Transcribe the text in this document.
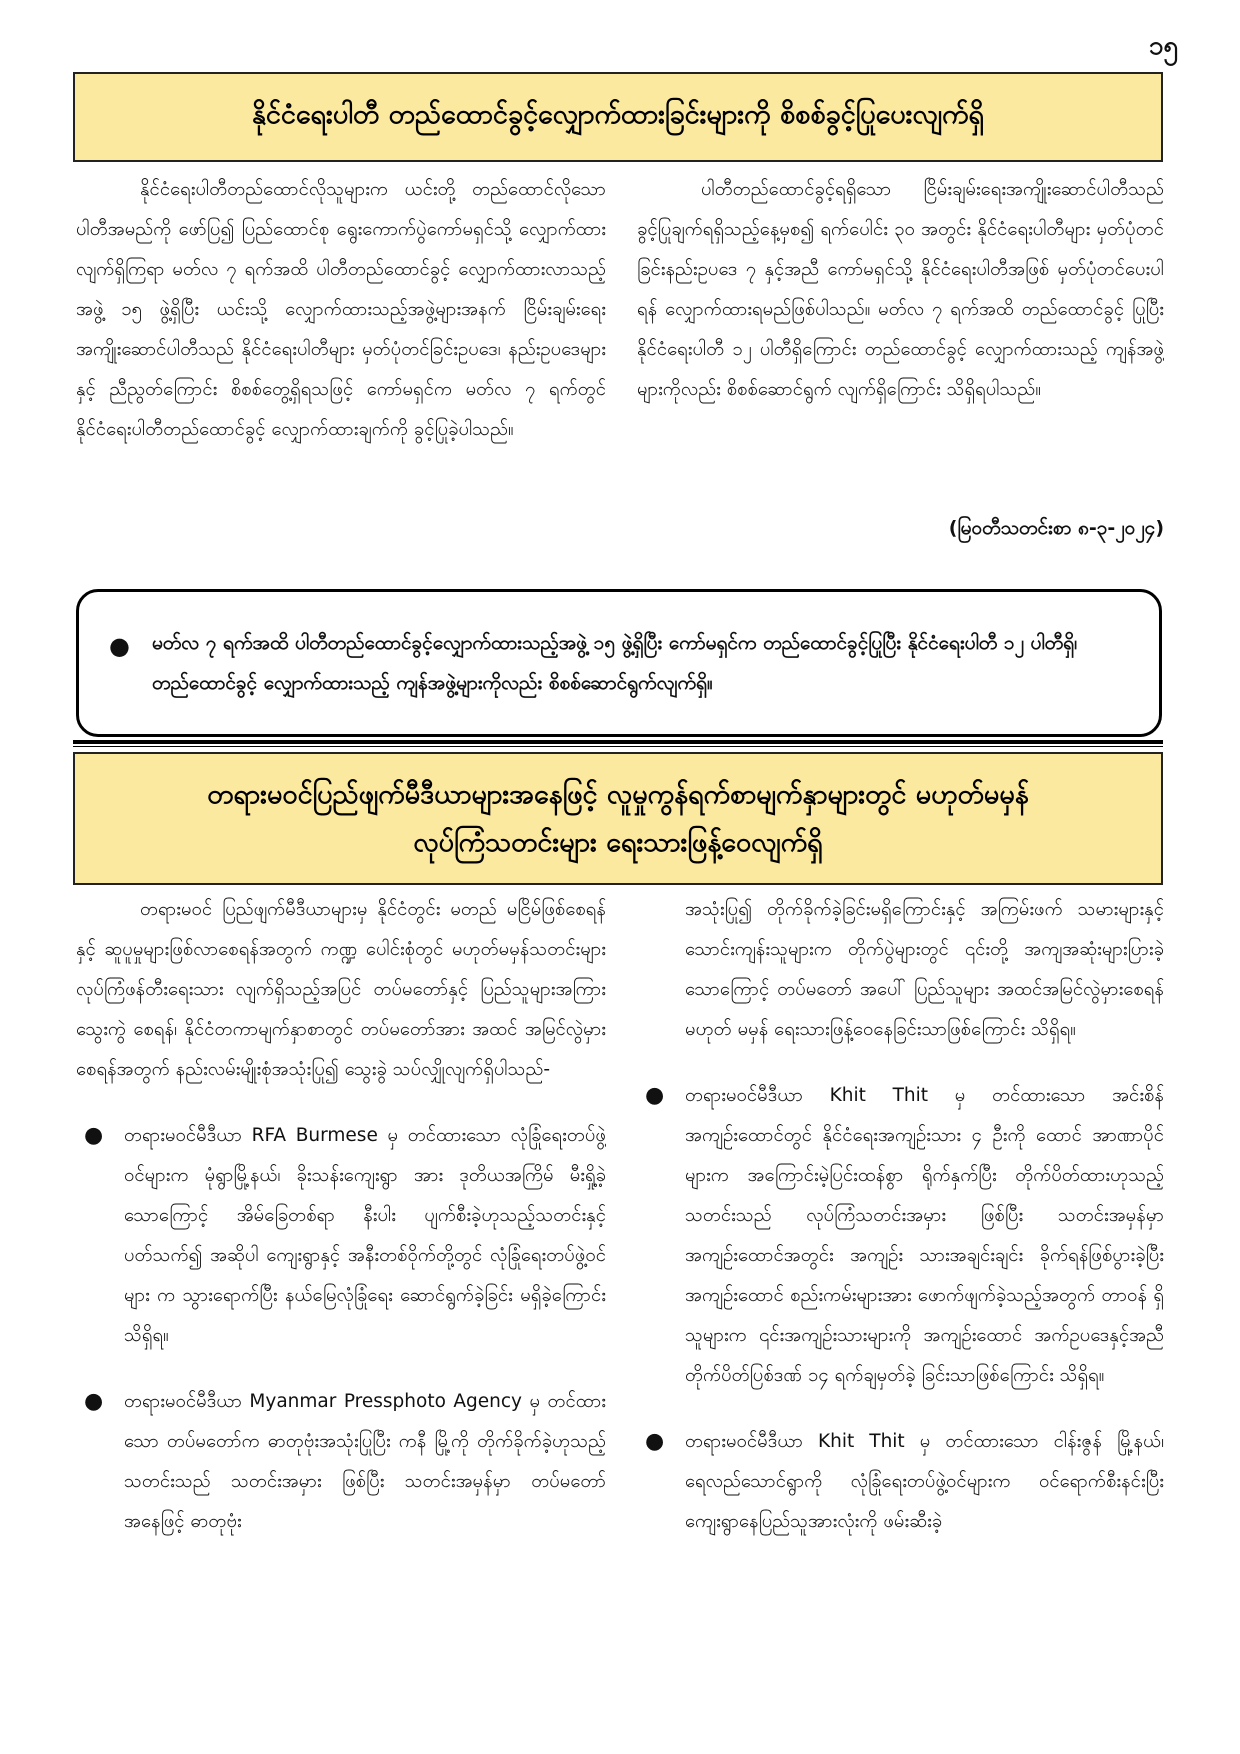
၁၅
နိုင်ငံရေးပါတီ တည်ထောင်ခွင့်လျှောက်ထားခြင်းများကို စိစစ်ခွင့်ပြုပေးလျက်ရှိ

နိုင်ငံရေးပါတီတည်ထောင်လိုသူများက ယင်းတို့ တည်ထောင်လိုသော ပါတီအမည်ကို ဖော်ပြ၍ ပြည်ထောင်စု ရွေးကောက်ပွဲကော်မရှင်သို့ လျှောက်ထားလျက်ရှိကြရာ မတ်လ ၇ ရက်အထိ ပါတီတည်ထောင်ခွင့် လျှောက်ထားလာသည့် အဖွဲ့ ၁၅ ဖွဲ့ရှိပြီး ယင်းသို့ လျှောက်ထားသည့်အဖွဲ့များအနက် ငြိမ်းချမ်းရေးအကျိုးဆောင်ပါတီသည် နိုင်ငံရေးပါတီများ မှတ်ပုံတင်ခြင်းဥပဒေ၊ နည်းဥပဒေများနှင့် ညီညွတ်ကြောင်း စိစစ်တွေ့ရှိရသဖြင့် ကော်မရှင်က မတ်လ ၇ ရက်တွင် နိုင်ငံရေးပါတီတည်ထောင်ခွင့် လျှောက်ထားချက်ကို ခွင့်ပြုခဲ့ပါသည်။

ပါတီတည်ထောင်ခွင့်ရရှိသော ငြိမ်းချမ်းရေးအကျိုးဆောင်ပါတီသည် ခွင့်ပြုချက်ရရှိသည့်နေ့မှစ၍ ရက်ပေါင်း ၃၀ အတွင်း နိုင်ငံရေးပါတီများ မှတ်ပုံတင်ခြင်းနည်းဥပဒေ ၇ နှင့်အညီ ကော်မရှင်သို့ နိုင်ငံရေးပါတီအဖြစ် မှတ်ပုံတင်ပေးပါရန် လျှောက်ထားရမည်ဖြစ်ပါသည်။ မတ်လ ၇ ရက်အထိ တည်ထောင်ခွင့် ပြုပြီး နိုင်ငံရေးပါတီ ၁၂ ပါတီရှိကြောင်း တည်ထောင်ခွင့် လျှောက်ထားသည့် ကျန်အဖွဲ့များကိုလည်း စိစစ်ဆောင်ရွက် လျက်ရှိကြောင်း သိရှိရပါသည်။

(မြဝတီသတင်းစာ ၈-၃-၂၀၂၄)
● မတ်လ ၇ ရက်အထိ ပါတီတည်ထောင်ခွင့်လျှောက်ထားသည့်အဖွဲ့ ၁၅ ဖွဲ့ရှိပြီး ကော်မရှင်က တည်ထောင်ခွင့်ပြုပြီး နိုင်ငံရေးပါတီ ၁၂ ပါတီရှိ၊ တည်ထောင်ခွင့် လျှောက်ထားသည့် ကျန်အဖွဲ့များကိုလည်း စိစစ်ဆောင်ရွက်လျက်ရှိ။
တရားမဝင်ပြည်ဖျက်မီဒီယာများအနေဖြင့် လူမှုကွန်ရက်စာမျက်နှာများတွင် မဟုတ်မမှန်
လုပ်ကြံသတင်းများ ရေးသားဖြန့်ဝေလျက်ရှိ

တရားမဝင် ပြည်ဖျက်မီဒီယာများမှ နိုင်ငံတွင်း မတည် မငြိမ်ဖြစ်စေရန်နှင့် ဆူပူမှုများဖြစ်လာစေရန်အတွက် ကဏ္ဍ ပေါင်းစုံတွင် မဟုတ်မမှန်သတင်းများ လုပ်ကြံဖန်တီးရေးသား လျက်ရှိသည့်အပြင် တပ်မတော်နှင့် ပြည်သူများအကြား သွေးကွဲ စေရန်၊ နိုင်ငံတကာမျက်နှာစာတွင် တပ်မတော်အား အထင် အမြင်လွဲမှားစေရန်အတွက် နည်းလမ်းမျိုးစုံအသုံးပြု၍ သွေးခွဲ သပ်လျှိုလျက်ရှိပါသည်-

● တရားမဝင်မီဒီယာ RFA Burmese မှ တင်ထားသော လုံခြုံရေးတပ်ဖွဲ့ဝင်များက မုံရွာမြို့နယ်၊ ခိုးသန်းကျေးရွာ အား ဒုတိယအကြိမ် မီးရှို့ခဲ့သောကြောင့် အိမ်ခြေတစ်ရာ နီးပါး ပျက်စီးခဲ့ဟုသည့်သတင်းနှင့်ပတ်သက်၍ အဆိုပါ ကျေးရွာနှင့် အနီးတစ်ဝိုက်တို့တွင် လုံခြုံရေးတပ်ဖွဲ့ဝင်များ က သွားရောက်ပြီး နယ်မြေလုံခြုံရေး ဆောင်ရွက်ခဲ့ခြင်း မရှိခဲ့ကြောင်း သိရှိရ။

● တရားမဝင်မီဒီယာ Myanmar Pressphoto Agency မှ တင်ထားသော တပ်မတော်က ဓာတုဗုံးအသုံးပြုပြီး ကနီ မြို့ကို တိုက်ခိုက်ခဲ့ဟုသည့်သတင်းသည် သတင်းအမှား ဖြစ်ပြီး သတင်းအမှန်မှာ တပ်မတော်အနေဖြင့် ဓာတုဗုံး

အသုံးပြု၍ တိုက်ခိုက်ခဲ့ခြင်းမရှိကြောင်းနှင့် အကြမ်းဖက် သမားများနှင့် သောင်းကျန်းသူများက တိုက်ပွဲများတွင် ၎င်းတို့ အကျအဆုံးများပြားခဲ့သောကြောင့် တပ်မတော် အပေါ် ပြည်သူများ အထင်အမြင်လွဲမှားစေရန် မဟုတ် မမှန် ရေးသားဖြန့်ဝေနေခြင်းသာဖြစ်ကြောင်း သိရှိရ။

● တရားမဝင်မီဒီယာ Khit Thit မှ တင်ထားသော အင်းစိန် အကျဉ်းထောင်တွင် နိုင်ငံရေးအကျဉ်းသား ၄ ဦးကို ထောင် အာဏာပိုင်များက အကြောင်းမဲ့ပြင်းထန်စွာ ရိုက်နှက်ပြီး တိုက်ပိတ်ထားဟုသည့်သတင်းသည် လုပ်ကြံသတင်းအမှား ဖြစ်ပြီး သတင်းအမှန်မှာ အကျဉ်းထောင်အတွင်း အကျဉ်း သားအချင်းချင်း ခိုက်ရန်ဖြစ်ပွားခဲ့ပြီး အကျဉ်းထောင် စည်းကမ်းများအား ဖောက်ဖျက်ခဲ့သည့်အတွက် တာဝန် ရှိသူများက ၎င်းအကျဉ်းသားများကို အကျဉ်းထောင် အက်ဥပဒေနှင့်အညီ တိုက်ပိတ်ပြစ်ဒဏ် ၁၄ ရက်ချမှတ်ခဲ့ ခြင်းသာဖြစ်ကြောင်း သိရှိရ။

● တရားမဝင်မီဒီယာ Khit Thit မှ တင်ထားသော ငါန်းဇွန် မြို့နယ်၊ ရေလည်သောင်ရွာကို လုံခြုံရေးတပ်ဖွဲ့ဝင်များက ဝင်ရောက်စီးနင်းပြီး ကျေးရွာနေပြည်သူအားလုံးကို ဖမ်းဆီးခဲ့
